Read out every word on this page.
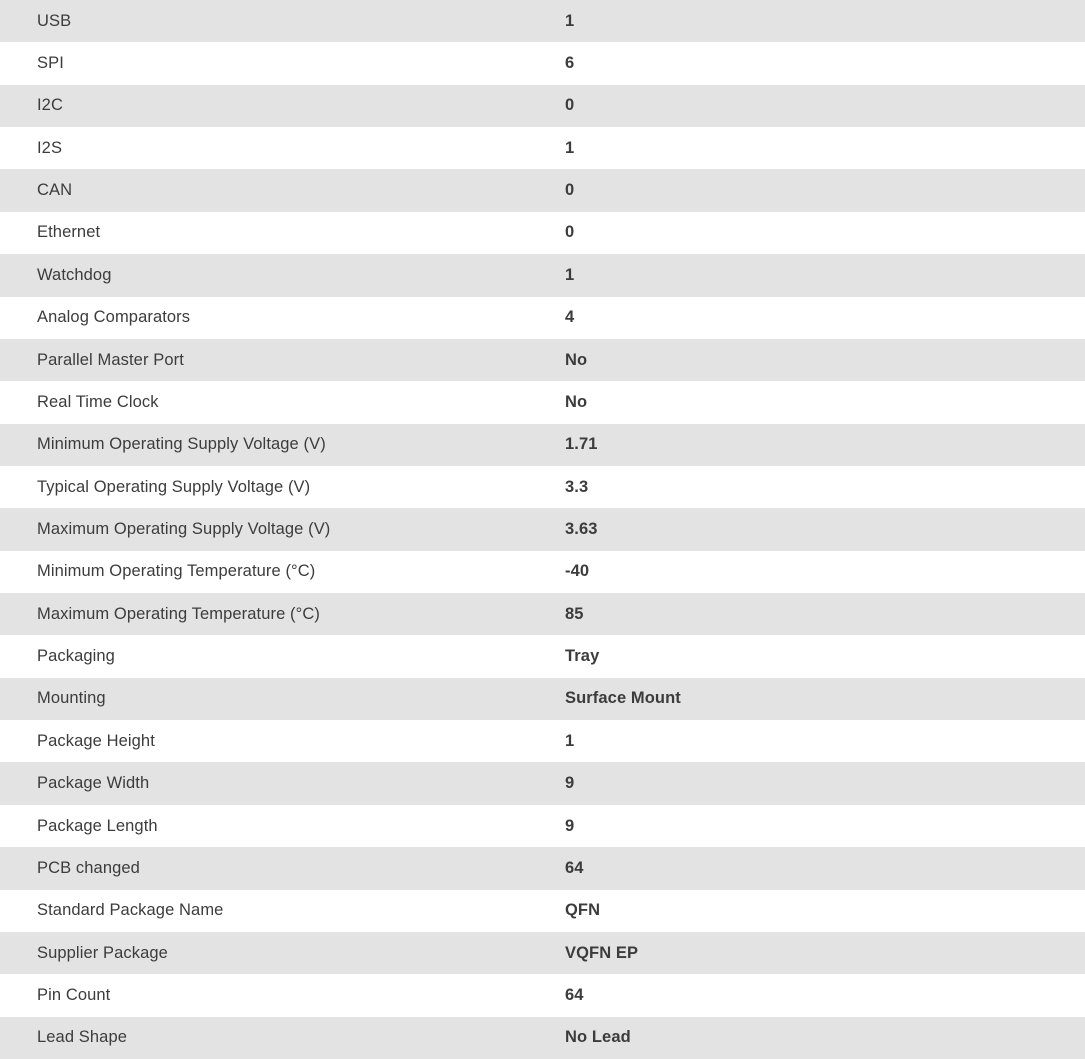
USB	1
SPI	6
I2C	0
I2S	1
CAN	0
Ethernet	0
Watchdog	1
Analog Comparators	4
Parallel Master Port	No
Real Time Clock	No
Minimum Operating Supply Voltage (V)	1.71
Typical Operating Supply Voltage (V)	3.3
Maximum Operating Supply Voltage (V)	3.63
Minimum Operating Temperature (°C)	-40
Maximum Operating Temperature (°C)	85
Packaging	Tray
Mounting	Surface Mount
Package Height	1
Package Width	9
Package Length	9
PCB changed	64
Standard Package Name	QFN
Supplier Package	VQFN EP
Pin Count	64
Lead Shape	No Lead
